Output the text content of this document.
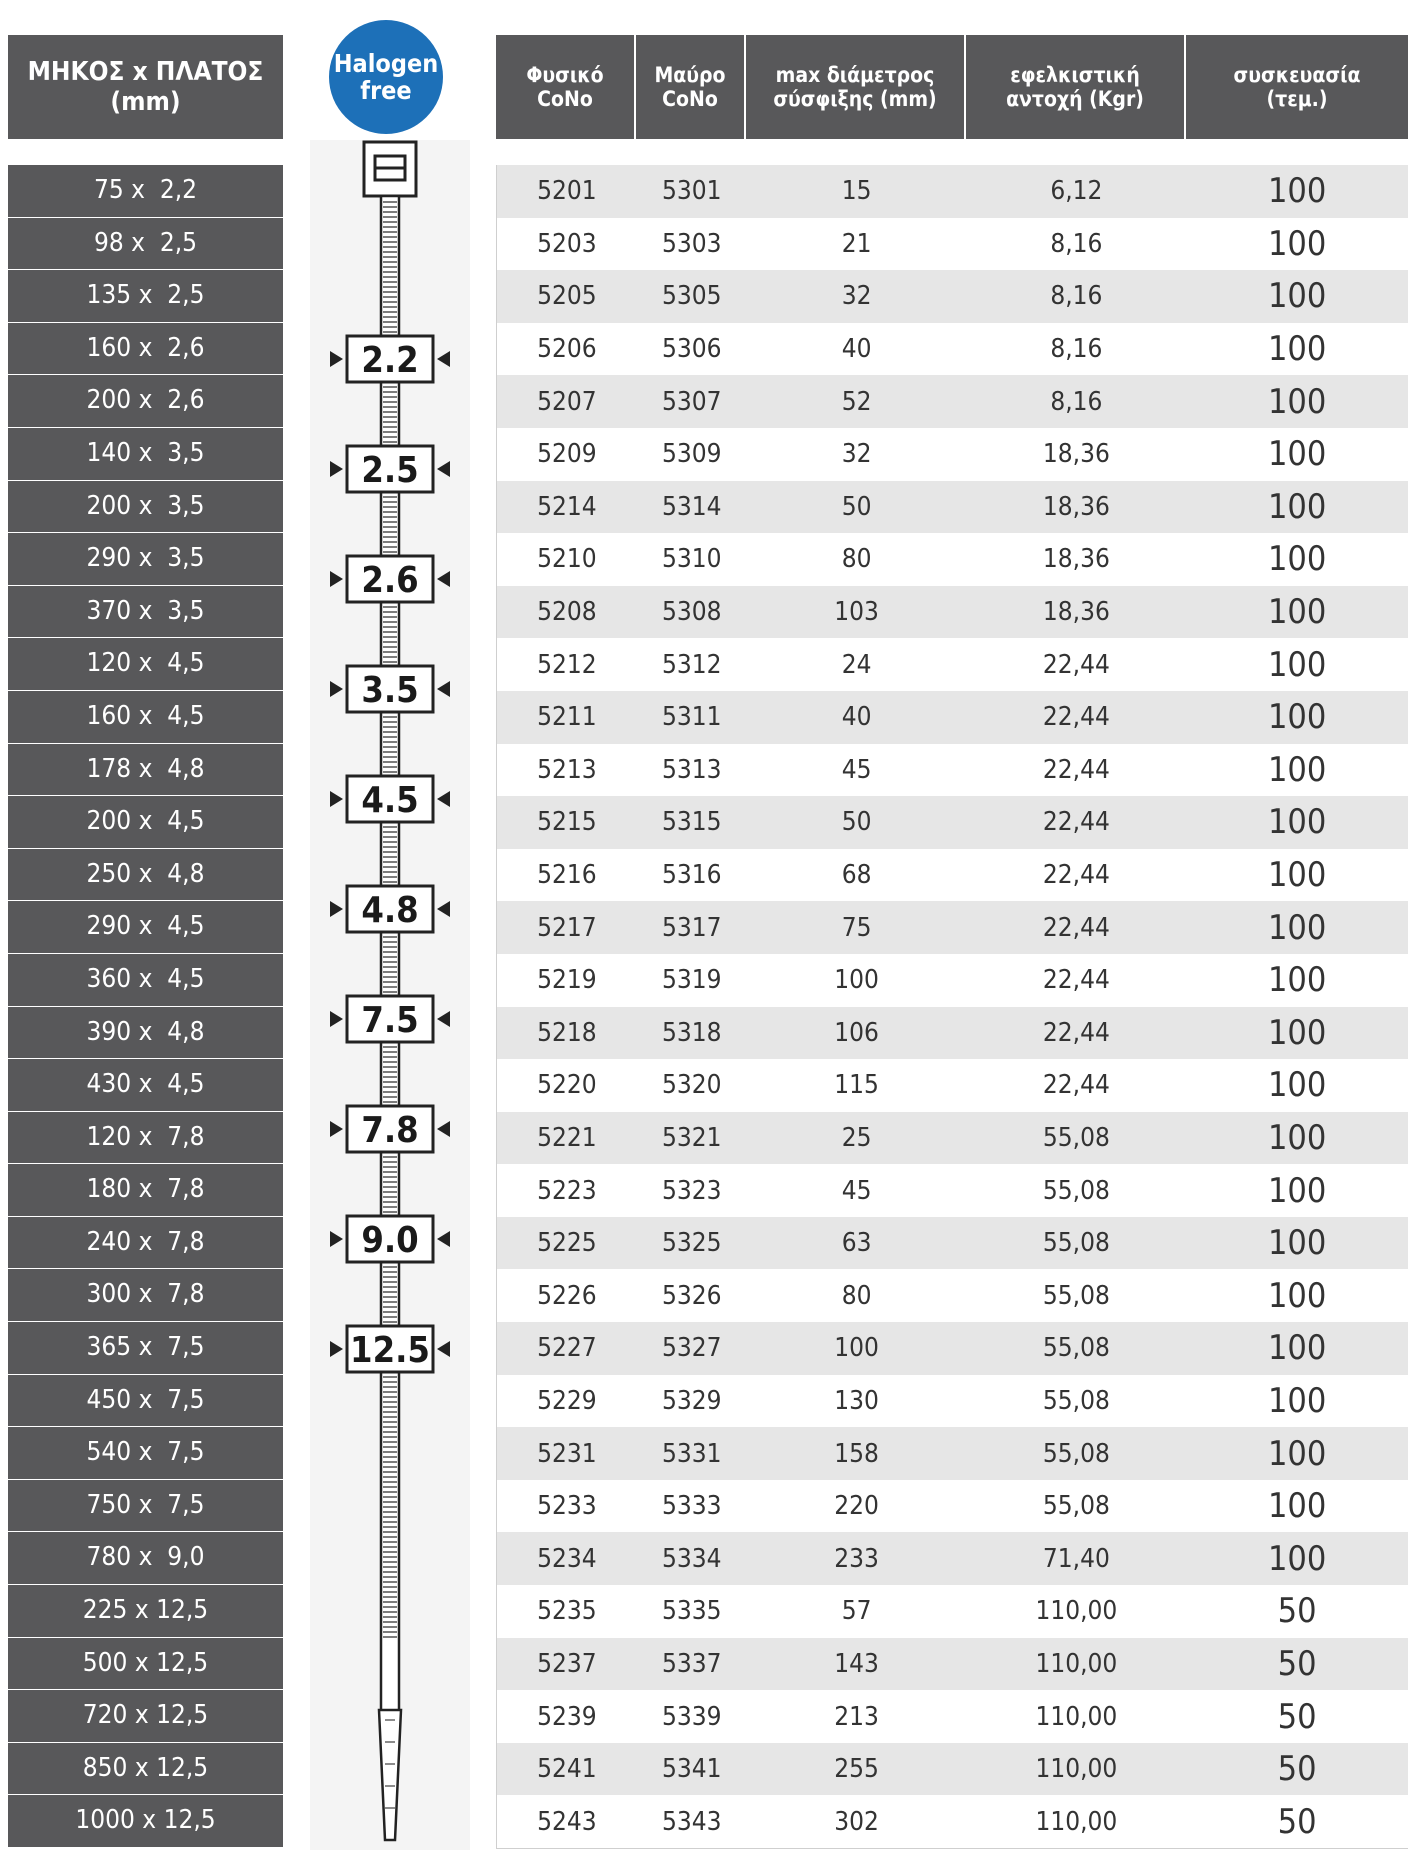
ΜΗΚΟΣ x ΠΛΑΤΟΣ
(mm)
Halogen
free
2.2
2.5
2.6
3.5
4.5
4.8
7.5
7.8
9.0
12.5
75 x  2,2
98 x  2,5
135 x  2,5
160 x  2,6
200 x  2,6
140 x  3,5
200 x  3,5
290 x  3,5
370 x  3,5
120 x  4,5
160 x  4,5
178 x  4,8
200 x  4,5
250 x  4,8
290 x  4,5
360 x  4,5
390 x  4,8
430 x  4,5
120 x  7,8
180 x  7,8
240 x  7,8
300 x  7,8
365 x  7,5
450 x  7,5
540 x  7,5
750 x  7,5
780 x  9,0
225 x 12,5
500 x 12,5
720 x 12,5
850 x 12,5
1000 x 12,5
Φυσικό
CoNo
Μαύρο
CoNo
max διάμετρος
σύσφιξης (mm)
εφελκιστική
αντοχή (Kgr)
συσκευασία
(τεμ.)
5201	5301	15	6,12	100
5203	5303	21	8,16	100
5205	5305	32	8,16	100
5206	5306	40	8,16	100
5207	5307	52	8,16	100
5209	5309	32	18,36	100
5214	5314	50	18,36	100
5210	5310	80	18,36	100
5208	5308	103	18,36	100
5212	5312	24	22,44	100
5211	5311	40	22,44	100
5213	5313	45	22,44	100
5215	5315	50	22,44	100
5216	5316	68	22,44	100
5217	5317	75	22,44	100
5219	5319	100	22,44	100
5218	5318	106	22,44	100
5220	5320	115	22,44	100
5221	5321	25	55,08	100
5223	5323	45	55,08	100
5225	5325	63	55,08	100
5226	5326	80	55,08	100
5227	5327	100	55,08	100
5229	5329	130	55,08	100
5231	5331	158	55,08	100
5233	5333	220	55,08	100
5234	5334	233	71,40	100
5235	5335	57	110,00	50
5237	5337	143	110,00	50
5239	5339	213	110,00	50
5241	5341	255	110,00	50
5243	5343	302	110,00	50
